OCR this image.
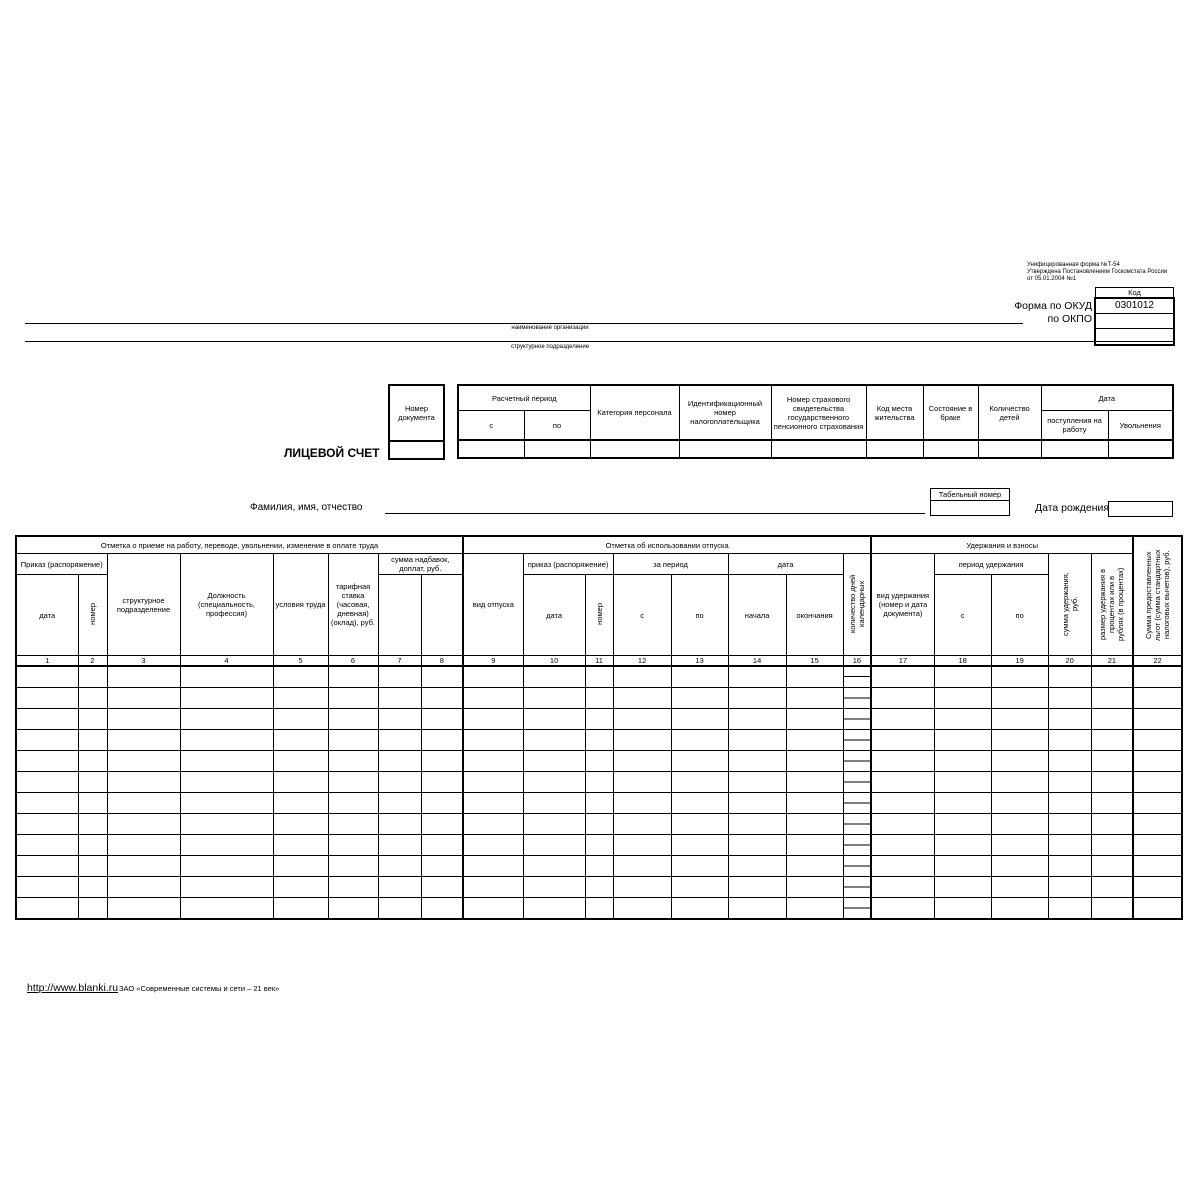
Унифицированная форма №Т-54
Утверждена Постановлением Госкомстата России
от 05.01.2004 №1
Код
0301012
Форма по ОКУД
по ОКПО
наименование организации
структурное подразделение
ЛИЦЕВОЙ СЧЕТ
Номер документа

Расчетный период		Категория персонала	Идентификационный номер налогоплательщика	Номер страхового свидетельства государственного пенсионного страхования	Код места жительства	Состояние в браке	Количество детей	Дата	
с	по							поступления на работу	Увольнения

Фамилия, имя, отчество
Табельный номер
Дата рождения
Отметка о приеме на работу, переводе, увольнении, изменение в оплате труда								Отметка об использовании отпуска								Удержания и взносы					Сумма предоставленных льгот (сумма стандартных налоговых вычетов), руб.
Приказ (распоряжение)		структурное подразделение	Должность (специальность, профессия)	условия труда	тарифная ставка (часовая, дневная) (оклад), руб.	сумма надбавок, доплат, руб.		вид отпуска	приказ (распоряжение)		за период		дата		количество дней календарных	вид удержания (номер и дата документа)	период удержания		сумма удержания, руб.	размер удержания в процентах или в рублях (в процентах)	
дата	номер								дата	номер	с	по	начала	окончания			с	по			
1	2	3	4	5	6	7	8	9	10	11	12	13	14	15	16	17	18	19	20	21	22

http://www.blanki.ru ЗАО «Современные системы и сети – 21 век»
